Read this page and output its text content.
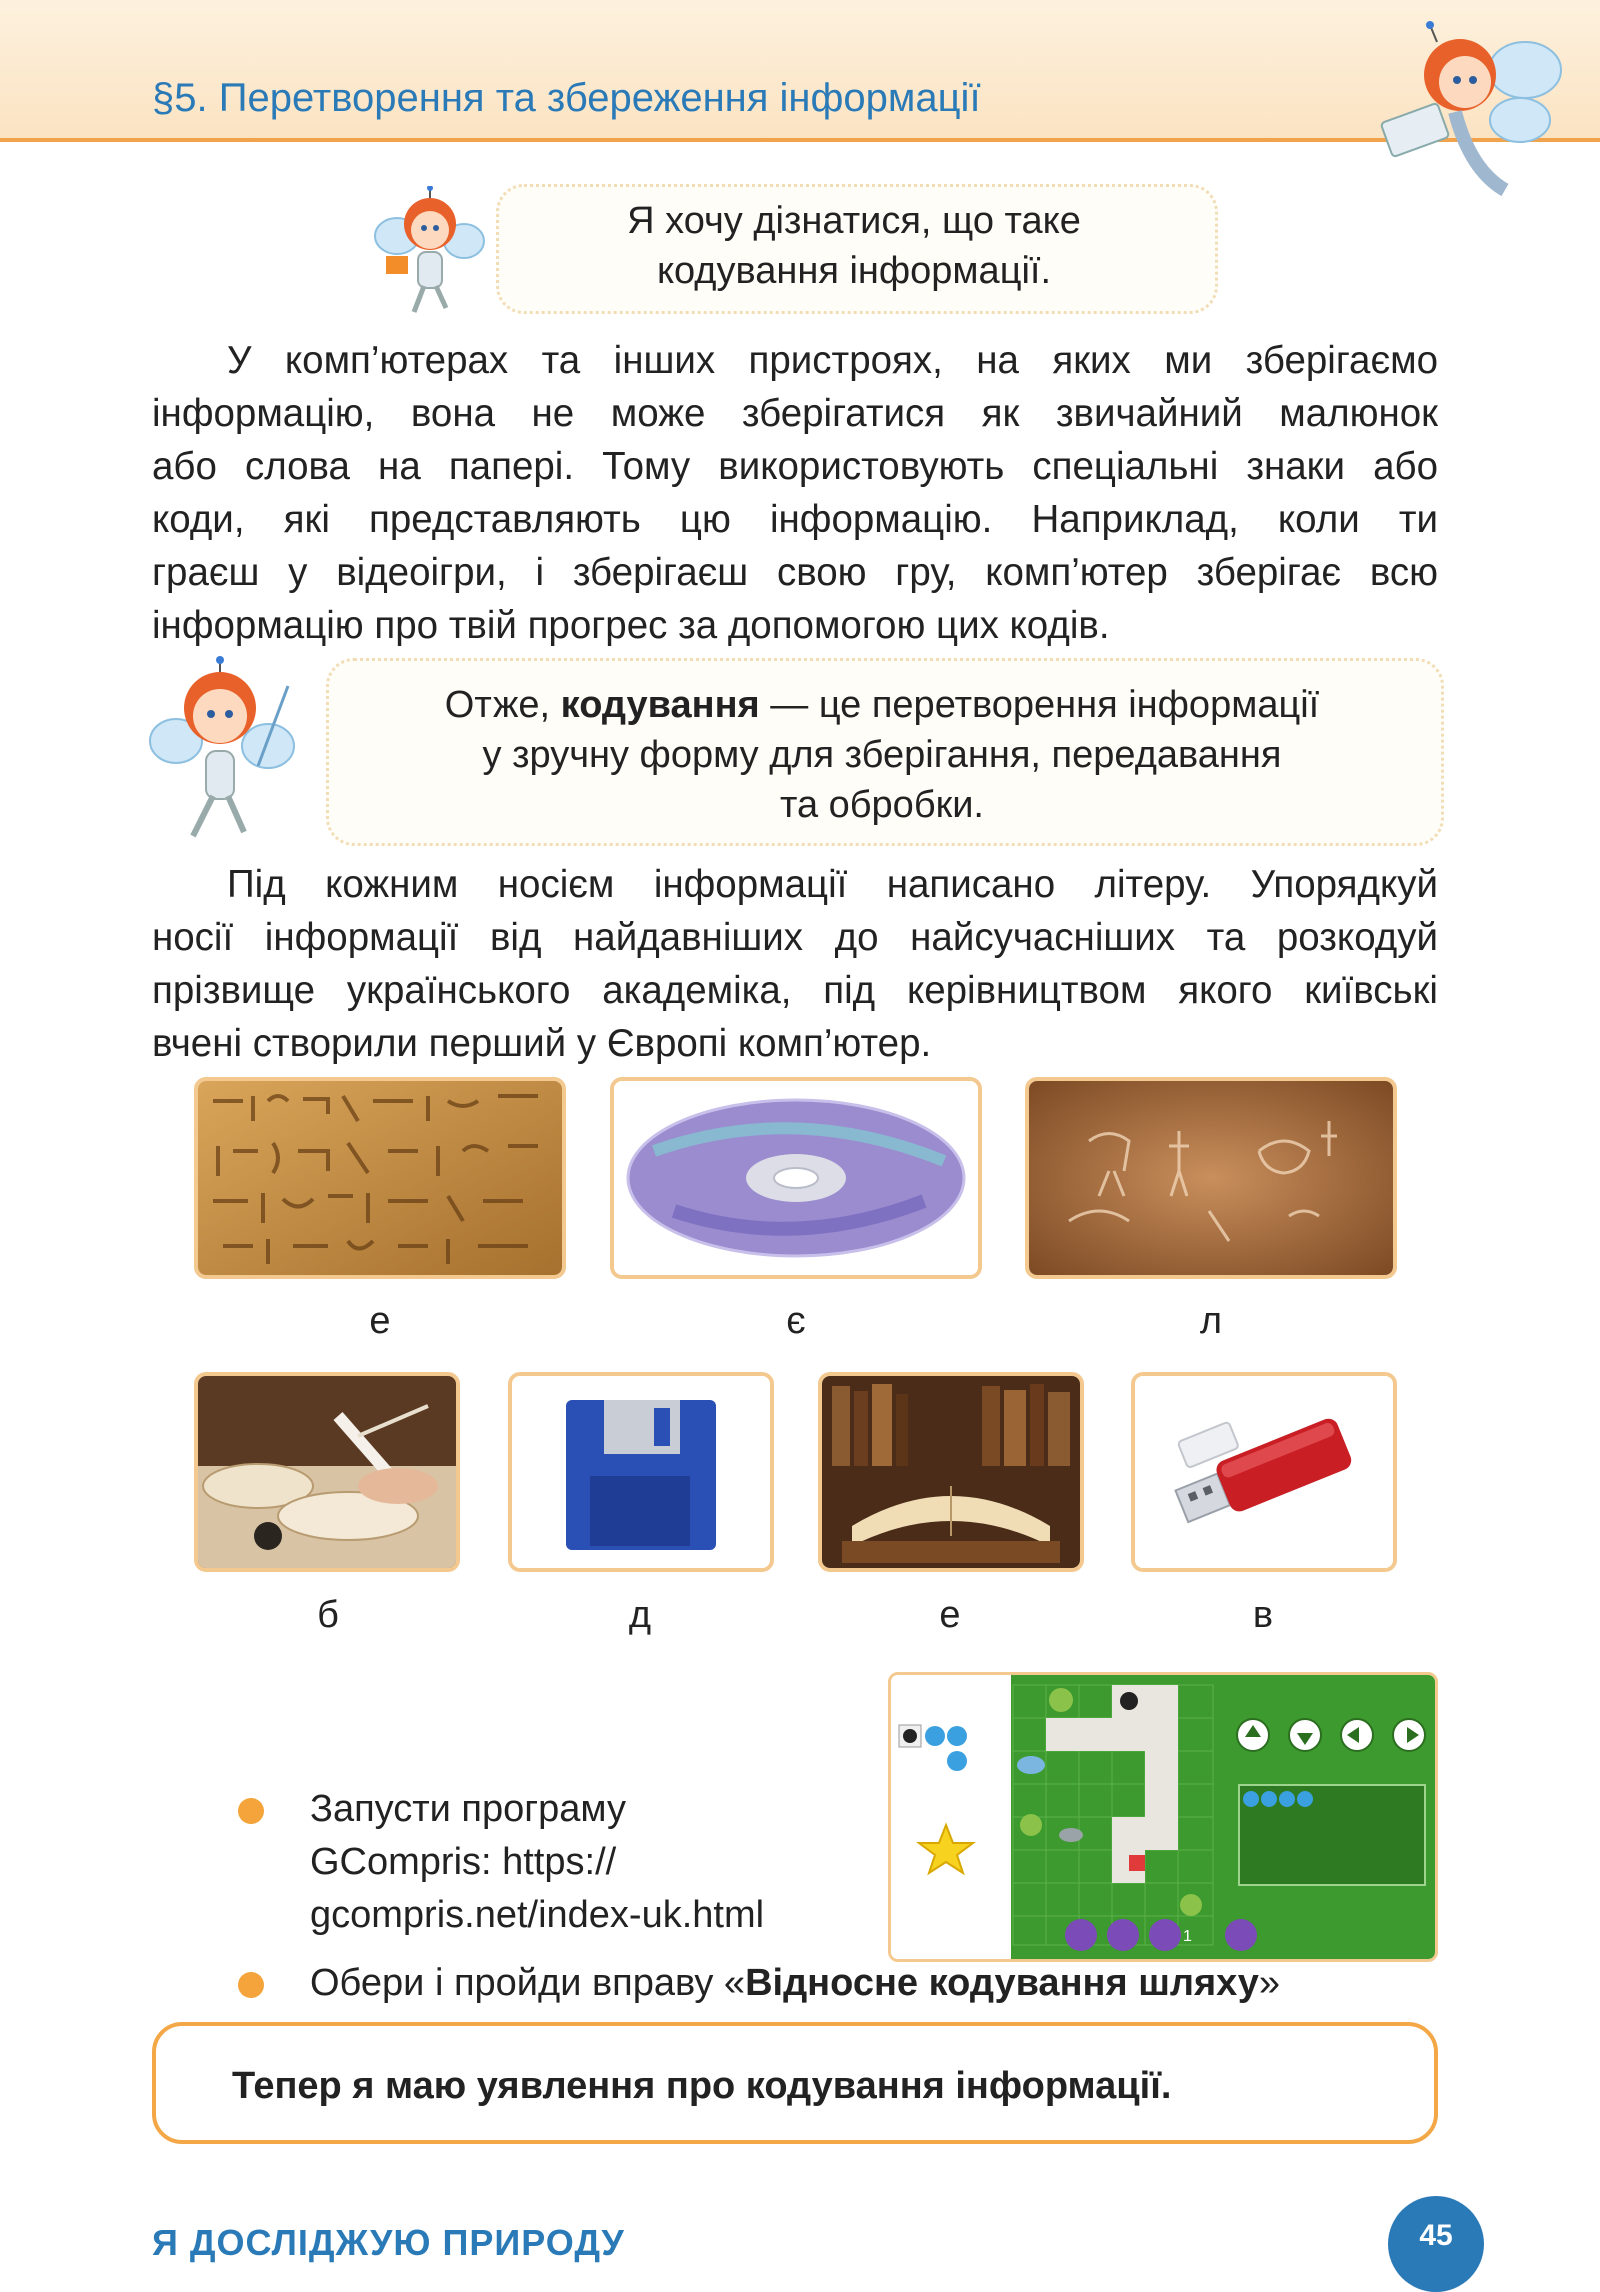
§5. Перетворення та збереження інформації
Я хочу дізнатися, що таке
кодування інформації.
У комп’ютерах та інших пристроях, на яких ми зберігаємо
інформацію, вона не може зберігатися як звичайний малюнок
або слова на папері. Тому використовують спеціальні знаки або
коди, які представляють цю інформацію. Наприклад, коли ти
граєш у відеоігри, і зберігаєш свою гру, комп’ютер зберігає всю
інформацію про твій прогрес за допомогою цих кодів.
Отже, кодування — це перетворення інформації
у зручну форму для зберігання, передавання
та обробки.
Під кожним носієм інформації написано літеру. Упорядкуй
носії інформації від найдавніших до найсучасніших та розкодуй
прізвище українського академіка, під керівництвом якого київські
вчені створили перший у Європі комп’ютер.
е	є	л
б	д	е	в
1
Запусти програму
GCompris: https://
gcompris.net/index-uk.html
Обери і пройди вправу «Відносне кодування шляху»
Тепер я маю уявлення про кодування інформації.
Я ДОСЛІДЖУЮ ПРИРОДУ	45
